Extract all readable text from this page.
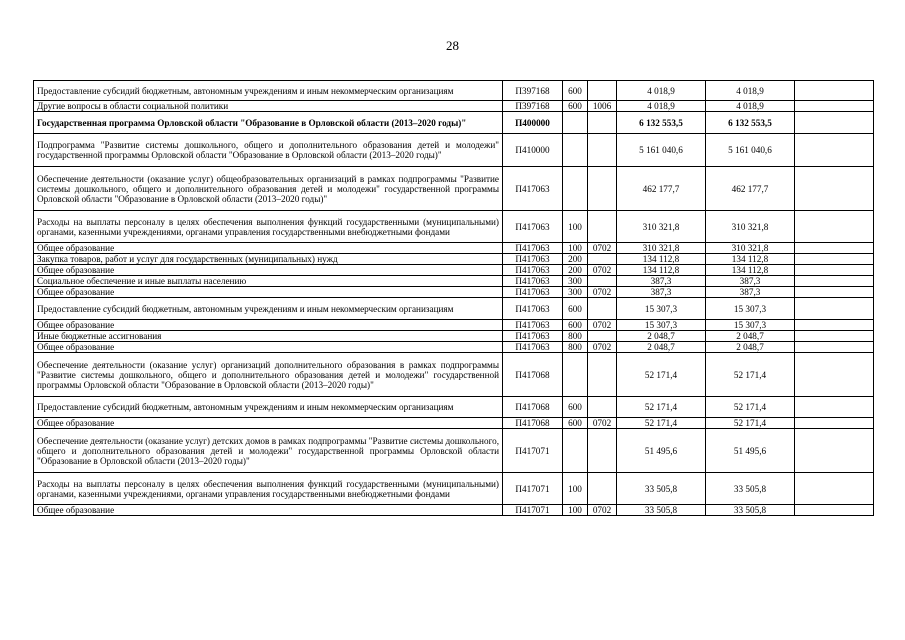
28
Предоставление субсидий бюджетным, автономным учреждениям и иным некоммерческим организациям	П397168	600		4 018,9	4 018,9	
Другие вопросы в области социальной политики	П397168	600	1006	4 018,9	4 018,9	
Государственная программа Орловской области "Образование в Орловской области (2013–2020 годы)"	П400000			6 132 553,5	6 132 553,5	
Подпрограмма "Развитие системы дошкольного, общего и дополнительного образования детей и молодежи" государственной программы Орловской области "Образование в Орловской области (2013–2020 годы)"	П410000			5 161 040,6	5 161 040,6	
Обеспечение деятельности (оказание услуг) общеобразовательных организаций в рамках подпрограммы "Развитие системы дошкольного, общего и дополнительного образования детей и молодежи" государственной программы Орловской области "Образование в Орловской области (2013–2020 годы)"	П417063			462 177,7	462 177,7	
Расходы на выплаты персоналу в целях обеспечения выполнения функций государственными (муниципальными) органами, казенными учреждениями, органами управления государственными внебюджетными фондами	П417063	100		310 321,8	310 321,8	
Общее образование	П417063	100	0702	310 321,8	310 321,8	
Закупка товаров, работ и услуг для государственных (муниципальных) нужд	П417063	200		134 112,8	134 112,8	
Общее образование	П417063	200	0702	134 112,8	134 112,8	
Социальное обеспечение и иные выплаты населению	П417063	300		387,3	387,3	
Общее образование	П417063	300	0702	387,3	387,3	
Предоставление субсидий бюджетным, автономным учреждениям и иным некоммерческим организациям	П417063	600		15 307,3	15 307,3	
Общее образование	П417063	600	0702	15 307,3	15 307,3	
Иные бюджетные ассигнования	П417063	800		2 048,7	2 048,7	
Общее образование	П417063	800	0702	2 048,7	2 048,7	
Обеспечение деятельности (оказание услуг) организаций дополнительного образования в рамках подпрограммы "Развитие системы дошкольного, общего и дополнительного образования детей и молодежи" государственной программы Орловской области "Образование в Орловской области (2013–2020 годы)"	П417068			52 171,4	52 171,4	
Предоставление субсидий бюджетным, автономным учреждениям и иным некоммерческим организациям	П417068	600		52 171,4	52 171,4	
Общее образование	П417068	600	0702	52 171,4	52 171,4	
Обеспечение деятельности (оказание услуг) детских домов в рамках подпрограммы "Развитие системы дошкольного, общего и дополнительного образования детей и молодежи" государственной программы Орловской области "Образование в Орловской области (2013–2020 годы)"	П417071			51 495,6	51 495,6	
Расходы на выплаты персоналу в целях обеспечения выполнения функций государственными (муниципальными) органами, казенными учреждениями, органами управления государственными внебюджетными фондами	П417071	100		33 505,8	33 505,8	
Общее образование	П417071	100	0702	33 505,8	33 505,8	
